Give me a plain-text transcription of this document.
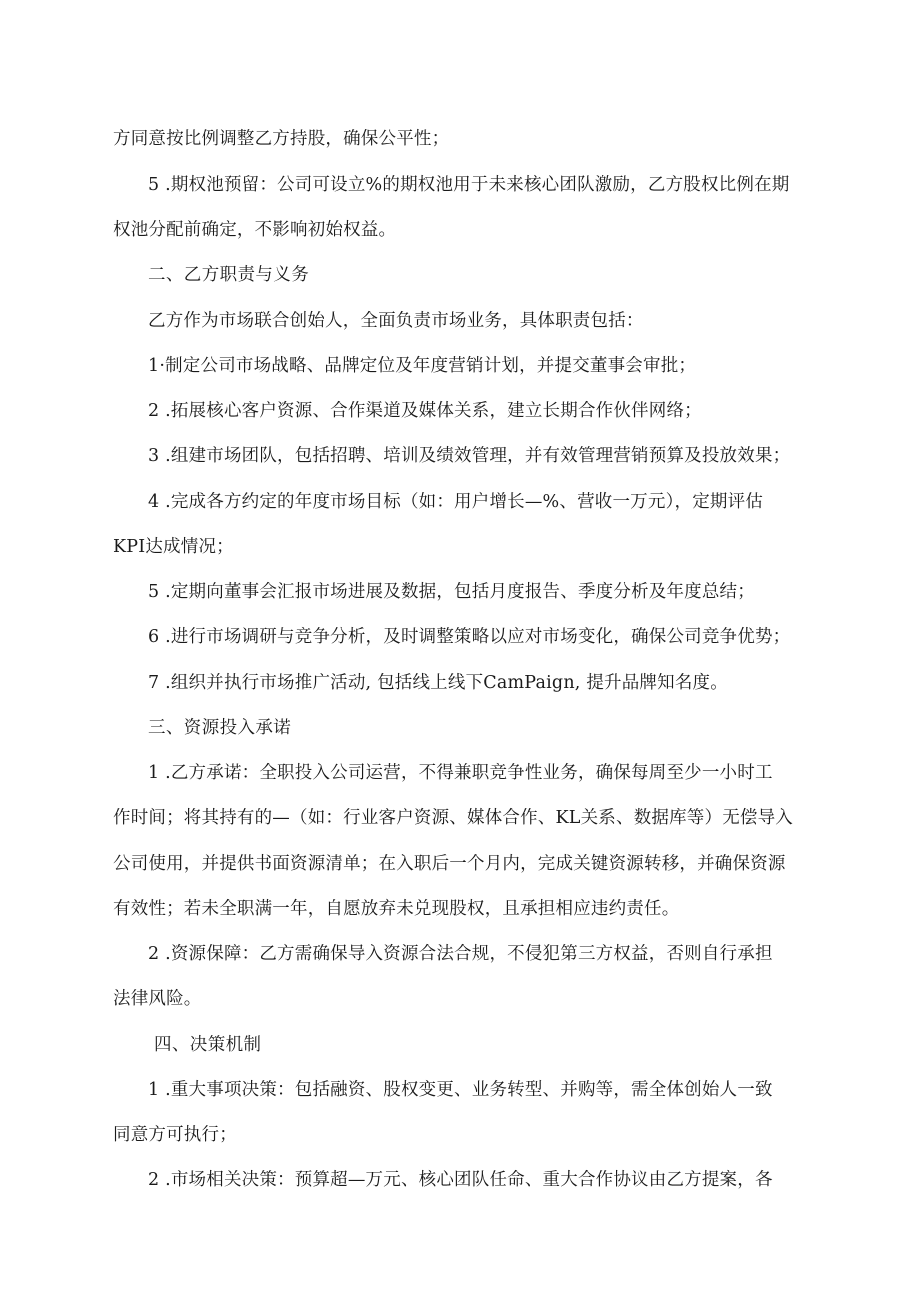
方同意按比例调整乙方持股，确保公平性；
5 .期权池预留：公司可设立%的期权池用于未来核心团队激励，乙方股权比例在期
权池分配前确定，不影响初始权益。
二、乙方职责与义务
乙方作为市场联合创始人，全面负责市场业务，具体职责包括：
1·制定公司市场战略、品牌定位及年度营销计划，并提交董事会审批；
2 .拓展核心客户资源、合作渠道及媒体关系，建立长期合作伙伴网络；
3 .组建市场团队，包括招聘、培训及绩效管理，并有效管理营销预算及投放效果；
4 .完成各方约定的年度市场目标（如：用户增长—%、营收一万元），定期评估
KPI达成情况；
5 .定期向董事会汇报市场进展及数据，包括月度报告、季度分析及年度总结；
6 .进行市场调研与竞争分析，及时调整策略以应对市场变化，确保公司竞争优势；
7 .组织并执行市场推广活动, 包括线上线下CamPaign, 提升品牌知名度。
三、资源投入承诺
1 .乙方承诺：全职投入公司运营，不得兼职竞争性业务，确保每周至少一小时工
作时间；将其持有的—（如：行业客户资源、媒体合作、KL关系、数据库等）无偿导入
公司使用，并提供书面资源清单；在入职后一个月内，完成关键资源转移，并确保资源
有效性；若未全职满一年，自愿放弃未兑现股权，且承担相应违约责任。
2 .资源保障：乙方需确保导入资源合法合规，不侵犯第三方权益，否则自行承担
法律风险。
四、决策机制
1 .重大事项决策：包括融资、股权变更、业务转型、并购等，需全体创始人一致
同意方可执行；
2 .市场相关决策：预算超—万元、核心团队任命、重大合作协议由乙方提案，各
